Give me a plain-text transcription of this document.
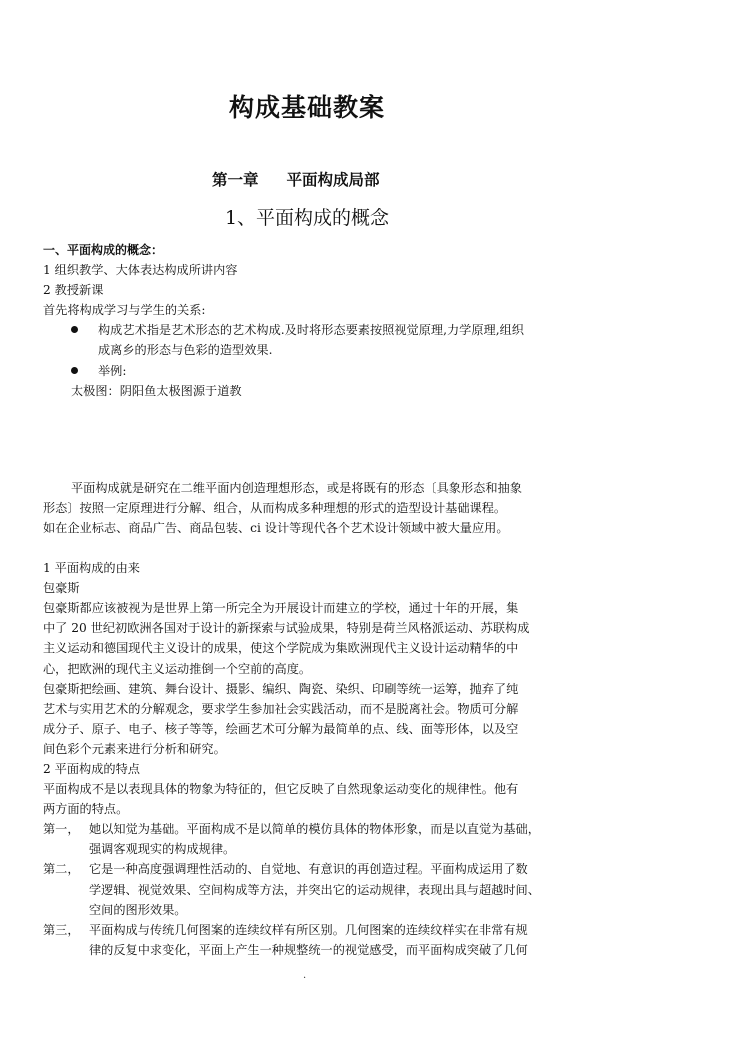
构成基础教案
第一章 平面构成局部
1、平面构成的概念
一、平面构成的概念：
1 组织教学、大体表达构成所讲内容
2 教授新课
首先将构成学习与学生的关系:
构成艺术指是艺术形态的艺术构成.及时将形态要素按照视觉原理,力学原理,组织
成离乡的形态与色彩的造型效果.
举例:
太极图：阴阳鱼太极图源于道教
平面构成就是研究在二维平面内创造理想形态，或是将既有的形态〔具象形态和抽象
形态〕按照一定原理进行分解、组合，从而构成多种理想的形式的造型设计基础课程。
如在企业标志、商品广告、商品包装、ci 设计等现代各个艺术设计领域中被大量应用。
1 平面构成的由来
包豪斯
包豪斯都应该被视为是世界上第一所完全为开展设计而建立的学校，通过十年的开展，集
中了 20 世纪初欧洲各国对于设计的新探索与试验成果，特别是荷兰风格派运动、苏联构成
主义运动和德国现代主义设计的成果，使这个学院成为集欧洲现代主义设计运动精华的中
心，把欧洲的现代主义运动推倒一个空前的高度。
包豪斯把绘画、建筑、舞台设计、摄影、编织、陶瓷、染织、印刷等统一运筹，抛弃了纯
艺术与实用艺术的分解观念，要求学生参加社会实践活动，而不是脱离社会。物质可分解
成分子、原子、电子、核子等等，绘画艺术可分解为最简单的点、线、面等形体，以及空
间色彩个元素来进行分析和研究。
2 平面构成的特点
平面构成不是以表现具体的物象为特征的，但它反映了自然现象运动变化的规律性。他有
两方面的特点。
第一， 她以知觉为基础。平面构成不是以简单的模仿具体的物体形象，而是以直觉为基础，
强调客观现实的构成规律。
第二， 它是一种高度强调理性活动的、自觉地、有意识的再创造过程。平面构成运用了数
学逻辑、视觉效果、空间构成等方法，并突出它的运动规律，表现出具与超越时间、
空间的图形效果。
第三， 平面构成与传统几何图案的连续纹样有所区别。几何图案的连续纹样实在非常有规
律的反复中求变化，平面上产生一种规整统一的视觉感受，而平面构成突破了几何
.
